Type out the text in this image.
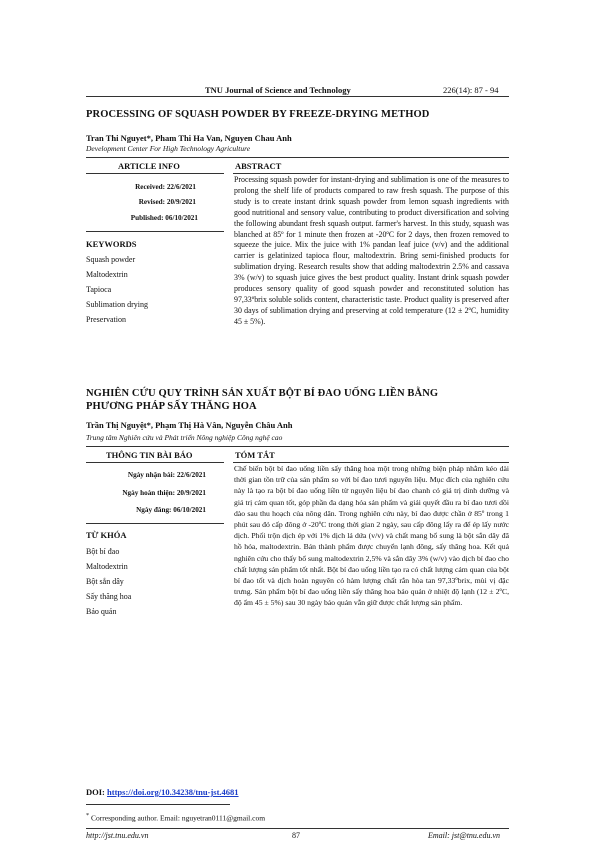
TNU Journal of Science and Technology	226(14): 87 - 94
PROCESSING OF SQUASH POWDER BY FREEZE-DRYING METHOD
Tran Thi Nguyet*, Pham Thi Ha Van, Nguyen Chau Anh
Development Center For High Technology Agriculture
ARTICLE INFO	ABSTRACT
Received: 22/6/2021
Revised: 20/9/2021
Published: 06/10/2021
KEYWORDS
Squash powder
Maltodextrin
Tapioca
Sublimation drying
Preservation
Processing squash powder for instant-drying and sublimation is one of the measures to prolong the shelf life of products compared to raw fresh squash. The purpose of this study is to create instant drink squash powder from lemon squash ingredients with good nutritional and sensory value, contributing to product diversification and solving the following abundant fresh squash output. farmer's harvest. In this study, squash was blanched at 85º for 1 minute then frozen at -20ºC for 2 days, then frozen removed to squeeze the juice. Mix the juice with 1% pandan leaf juice (v/v) and the additional carrier is gelatinized tapioca flour, maltodextrin. Bring semi-finished products for sublimation drying. Research results show that adding maltodextrin 2.5% and cassava 3% (w/v) to squash juice gives the best product quality. Instant drink squash powder produces sensory quality of good squash powder and reconstituted solution has 97,33ºbrix soluble solids content, characteristic taste. Product quality is preserved after 30 days of sublimation drying and preserving at cold temperature (12 ± 2ºC, humidity 45 ± 5%).
NGHIÊN CỨU QUY TRÌNH SẢN XUẤT BỘT BÍ ĐAO UỐNG LIỀN BẰNG
PHƯƠNG PHÁP SẤY THĂNG HOA
Trần Thị Nguyệt*, Phạm Thị Hà Vân, Nguyễn Châu Anh
Trung tâm Nghiên cứu và Phát triển Nông nghiệp Công nghệ cao
THÔNG TIN BÀI BÁO	TÓM TẮT
Ngày nhận bài: 22/6/2021
Ngày hoàn thiện: 20/9/2021
Ngày đăng: 06/10/2021
TỪ KHÓA
Bột bí đao
Maltodextrin
Bột sắn dây
Sấy thăng hoa
Bảo quản
Chế biến bột bí đao uống liền sấy thăng hoa một trong những biện pháp nhằm kéo dài thời gian tồn trữ của sản phẩm so với bí đao tươi nguyên liệu. Mục đích của nghiên cứu này là tạo ra bột bí đao uống liền từ nguyên liệu bí đao chanh có giá trị dinh dưỡng và giá trị cảm quan tốt, góp phần đa dạng hóa sản phẩm và giải quyết đầu ra bí đao tươi dồi dào sau thu hoạch của nông dân. Trong nghiên cứu này, bí đao được chần ở 85º trong 1 phút sau đó cấp đông ở -20ºC trong thời gian 2 ngày, sau cấp đông lấy ra để ép lấy nước dịch. Phối trộn dịch ép với 1% dịch lá dứa (v/v) và chất mang bổ sung là bột sắn dây đã hồ hóa, maltodextrin. Bán thành phẩm được chuyển lạnh đông, sấy thăng hoa. Kết quả nghiên cứu cho thấy bổ sung maltodextrin 2,5% và sắn dây 3% (w/v) vào dịch bí đao cho chất lượng sản phẩm tốt nhất. Bột bí đao uống liền tạo ra có chất lượng cảm quan của bột bí đao tốt và dịch hoàn nguyên có hàm lượng chất rắn hòa tan 97,33ºbrix, mùi vị đặc trưng. Sản phẩm bột bí đao uống liền sấy thăng hoa bảo quản ở nhiệt độ lạnh (12 ± 2ºC, độ ẩm 45 ± 5%) sau 30 ngày bảo quản vẫn giữ được chất lượng sản phẩm.
DOI: https://doi.org/10.34238/tnu-jst.4681
* Corresponding author. Email: nguyetran0111@gmail.com
http://jst.tnu.edu.vn	87	Email: jst@tnu.edu.vn
